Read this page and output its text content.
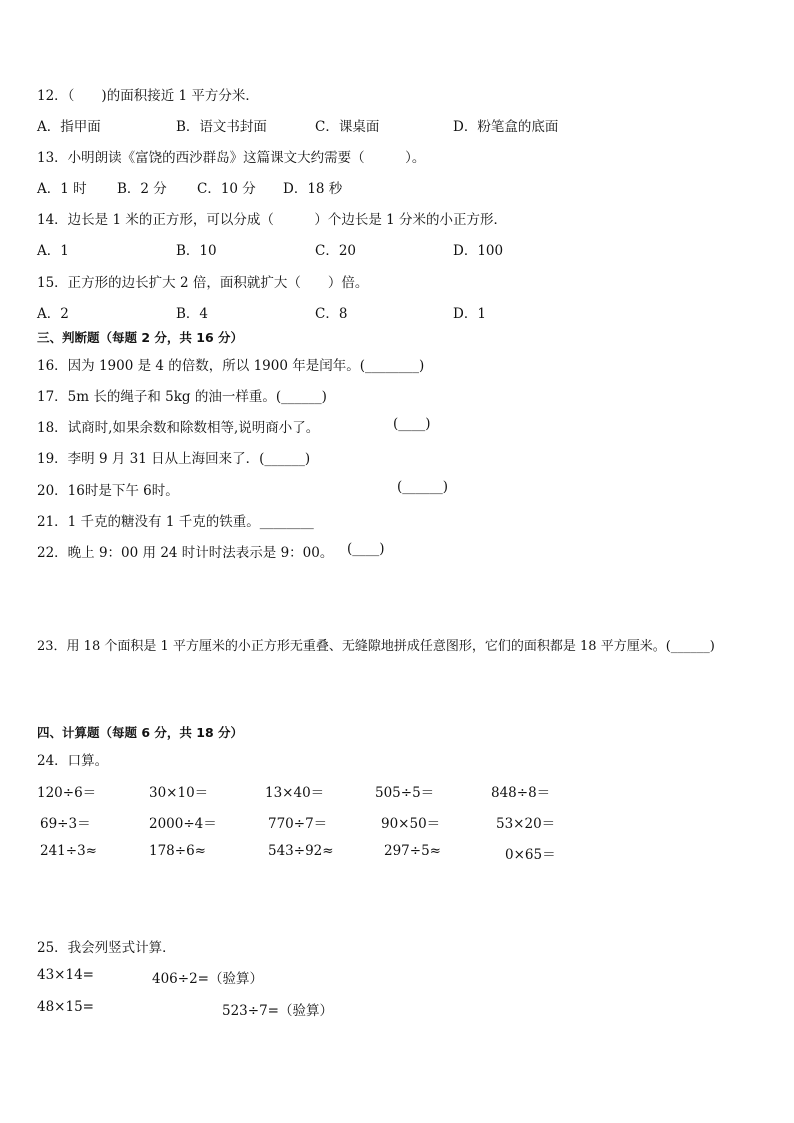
12．（　　)的面积接近 1 平方分米．
A．指甲面	B．语文书封面	C．课桌面	D．粉笔盒的底面
13．小明朗读《富饶的西沙群岛》这篇课文大约需要（　　　）。
A．1 时 B．2 分 C．10 分 D．18 秒
14．边长是 1 米的正方形，可以分成（　　　）个边长是 1 分米的小正方形．
A．1	B．10	C．20	D．100
15．正方形的边长扩大 2 倍，面积就扩大（　　）倍。
A．2	B．4	C．8	D．1
三、判断题（每题 2 分，共 16 分）
16．因为 1900 是 4 的倍数，所以 1900 年是闰年。(________)
17．5m 长的绳子和 5kg 的油一样重。(______)
18．试商时,如果余数和除数相等,说明商小了。	(____)
19．李明 9 月 31 日从上海回来了．(______)
20．16时是下午 6时。	(______)
21．1 千克的糖没有 1 千克的铁重。________
22．晚上 9：00 用 24 时计时法表示是 9：00。 (____)
23．用 18 个面积是 1 平方厘米的小正方形无重叠、无缝隙地拼成任意图形，它们的面积都是 18 平方厘米。(______)
四、计算题（每题 6 分，共 18 分）
24．口算。
120÷6＝	30×10＝	13×40＝	505÷5＝	848÷8＝
69÷3＝	2000÷4＝	770÷7＝	90×50＝	53×20＝
241÷3≈	178÷6≈	543÷92≈	297÷5≈	0×65＝
25．我会列竖式计算．
43×14=	406÷2=（验算）
48×15=	523÷7=（验算）
